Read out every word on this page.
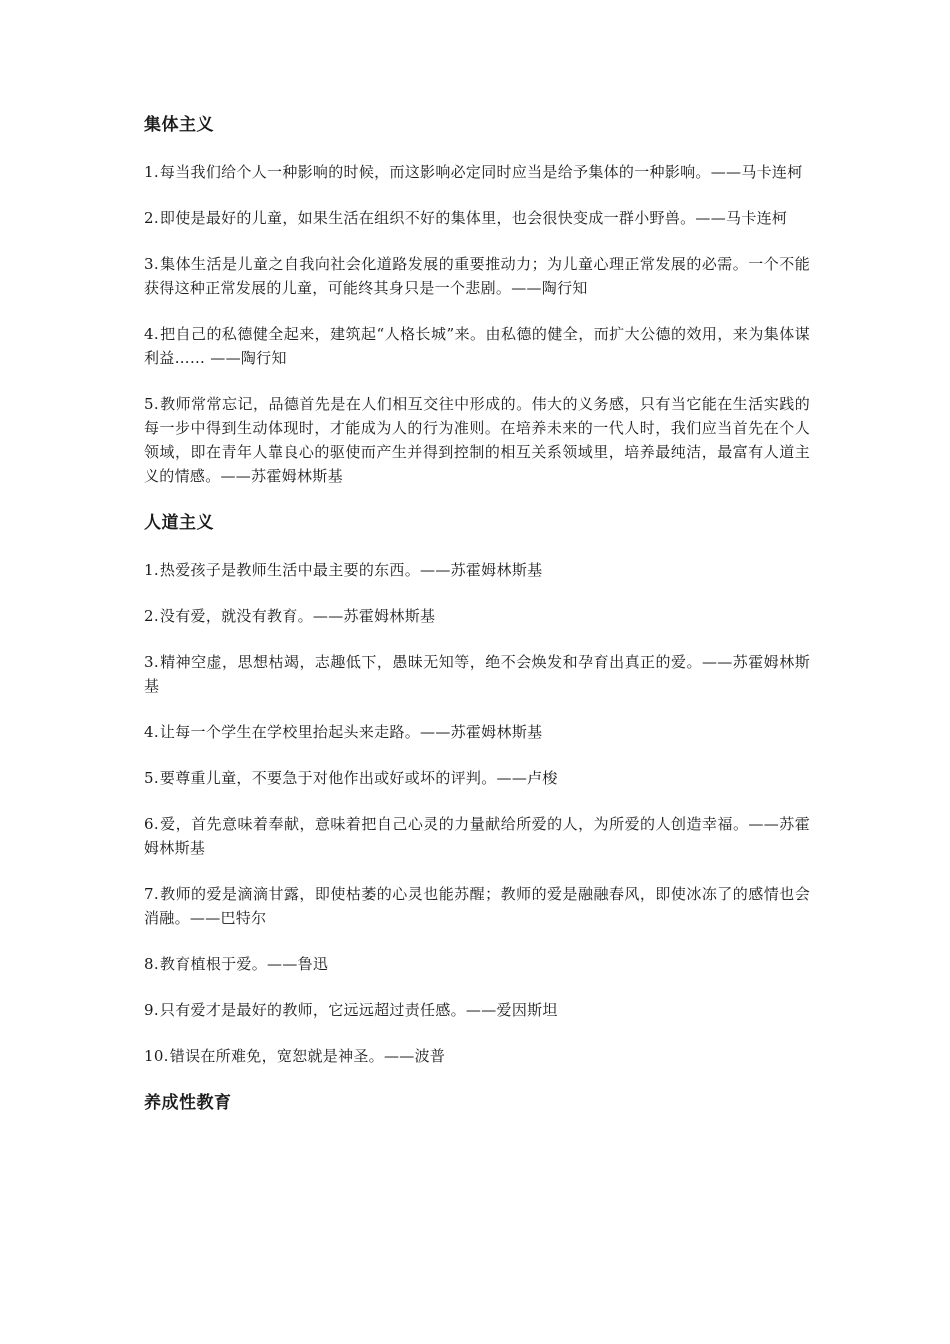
集体主义
1.每当我们给个人一种影响的时候，而这影响必定同时应当是给予集体的一种影响。——马卡连柯
2.即使是最好的儿童，如果生活在组织不好的集体里，也会很快变成一群小野兽。——马卡连柯
3.集体生活是儿童之自我向社会化道路发展的重要推动力；为儿童心理正常发展的必需。一个不能获得这种正常发展的儿童，可能终其身只是一个悲剧。——陶行知
4.把自己的私德健全起来，建筑起“人格长城”来。由私德的健全，而扩大公德的效用，来为集体谋利益…… ——陶行知
5.教师常常忘记，品德首先是在人们相互交往中形成的。伟大的义务感，只有当它能在生活实践的每一步中得到生动体现时，才能成为人的行为准则。在培养未来的一代人时，我们应当首先在个人领域，即在青年人靠良心的驱使而产生并得到控制的相互关系领域里，培养最纯洁，最富有人道主义的情感。——苏霍姆林斯基
人道主义
1.热爱孩子是教师生活中最主要的东西。——苏霍姆林斯基
2.没有爱，就没有教育。——苏霍姆林斯基
3.精神空虚，思想枯竭，志趣低下，愚昧无知等，绝不会焕发和孕育出真正的爱。——苏霍姆林斯基
4.让每一个学生在学校里抬起头来走路。——苏霍姆林斯基
5.要尊重儿童，不要急于对他作出或好或坏的评判。——卢梭
6.爱，首先意味着奉献，意味着把自己心灵的力量献给所爱的人，为所爱的人创造幸福。——苏霍姆林斯基
7.教师的爱是滴滴甘露，即使枯萎的心灵也能苏醒；教师的爱是融融春风，即使冰冻了的感情也会消融。——巴特尔
8.教育植根于爱。——鲁迅
9.只有爱才是最好的教师，它远远超过责任感。——爱因斯坦
10.错误在所难免，宽恕就是神圣。——波普
养成性教育
